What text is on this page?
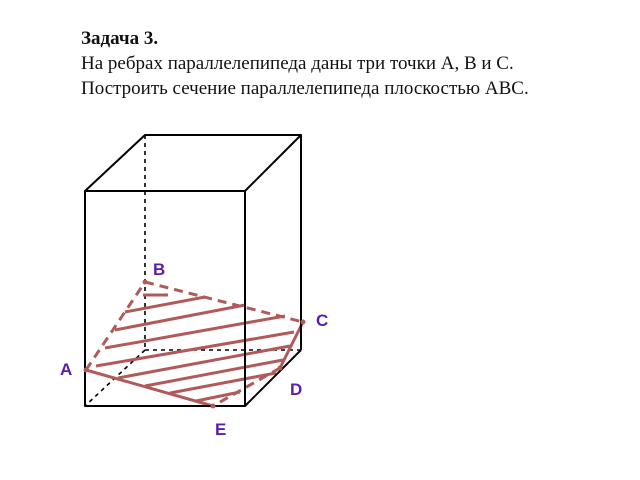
Задача 3.
На ребрах параллелепипеда даны три точки A, B и C.
Построить сечение параллелепипеда плоскостью ABC.
B
C
A
D
E
